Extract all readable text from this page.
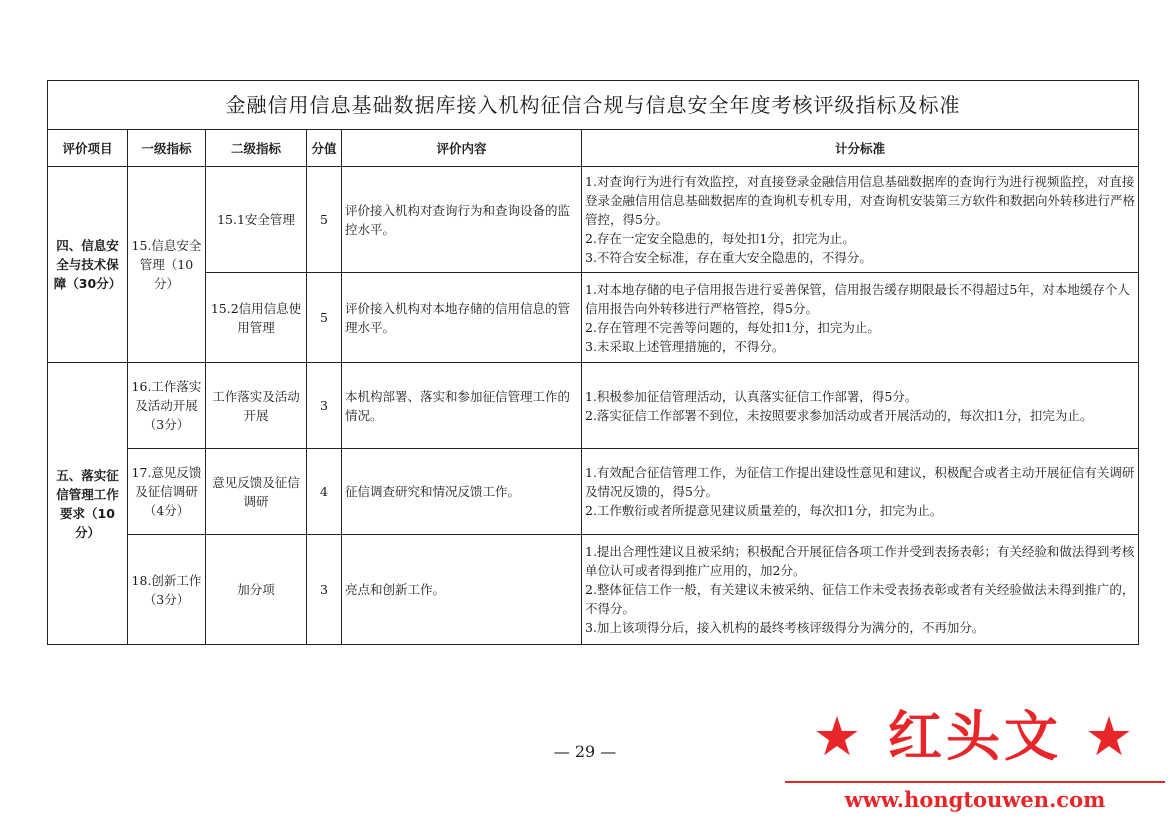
金融信用信息基础数据库接入机构征信合规与信息安全年度考核评级指标及标准					
评价项目	一级指标	二级指标	分值	评价内容	计分标准
四、信息安全与技术保障（30分）	15.信息安全管理（10分）	15.1安全管理	5	评价接入机构对查询行为和查询设备的监控水平。	1.对查询行为进行有效监控，对直接登录金融信用信息基础数据库的查询行为进行视频监控，对直接登录金融信用信息基础数据库的查询机专机专用，对查询机安装第三方软件和数据向外转移进行严格管控，得5分。
2.存在一定安全隐患的，每处扣1分，扣完为止。
3.不符合安全标准，存在重大安全隐患的，不得分。

		15.2信用信息使用管理	5	评价接入机构对本地存储的信用信息的管理水平。	1.对本地存储的电子信用报告进行妥善保管，信用报告缓存期限最长不得超过5年，对本地缓存个人信用报告向外转移进行严格管控，得5分。
2.存在管理不完善等问题的，每处扣1分，扣完为止。
3.未采取上述管理措施的，不得分。

五、落实征信管理工作要求（10分）	16.工作落实及活动开展（3分）	工作落实及活动开展	3	本机构部署、落实和参加征信管理工作的情况。	1.积极参加征信管理活动，认真落实征信工作部署，得5分。
2.落实征信工作部署不到位，未按照要求参加活动或者开展活动的，每次扣1分，扣完为止。

	17.意见反馈及征信调研（4分）	意见反馈及征信调研	4	征信调查研究和情况反馈工作。	1.有效配合征信管理工作，为征信工作提出建设性意见和建议，积极配合或者主动开展征信有关调研及情况反馈的，得5分。
2.工作敷衍或者所提意见建议质量差的，每次扣1分，扣完为止。

	18.创新工作（3分）	加分项	3	亮点和创新工作。	1.提出合理性建议且被采纳；积极配合开展征信各项工作并受到表扬表彰；有关经验和做法得到考核单位认可或者得到推广应用的，加2分。
2.整体征信工作一般，有关建议未被采纳、征信工作未受表扬表彰或者有关经验做法未得到推广的，不得分。
3.加上该项得分后，接入机构的最终考核评级得分为满分的，不再加分。
— 29 —	★ 红头文 ★
www.hongtouwen.com
